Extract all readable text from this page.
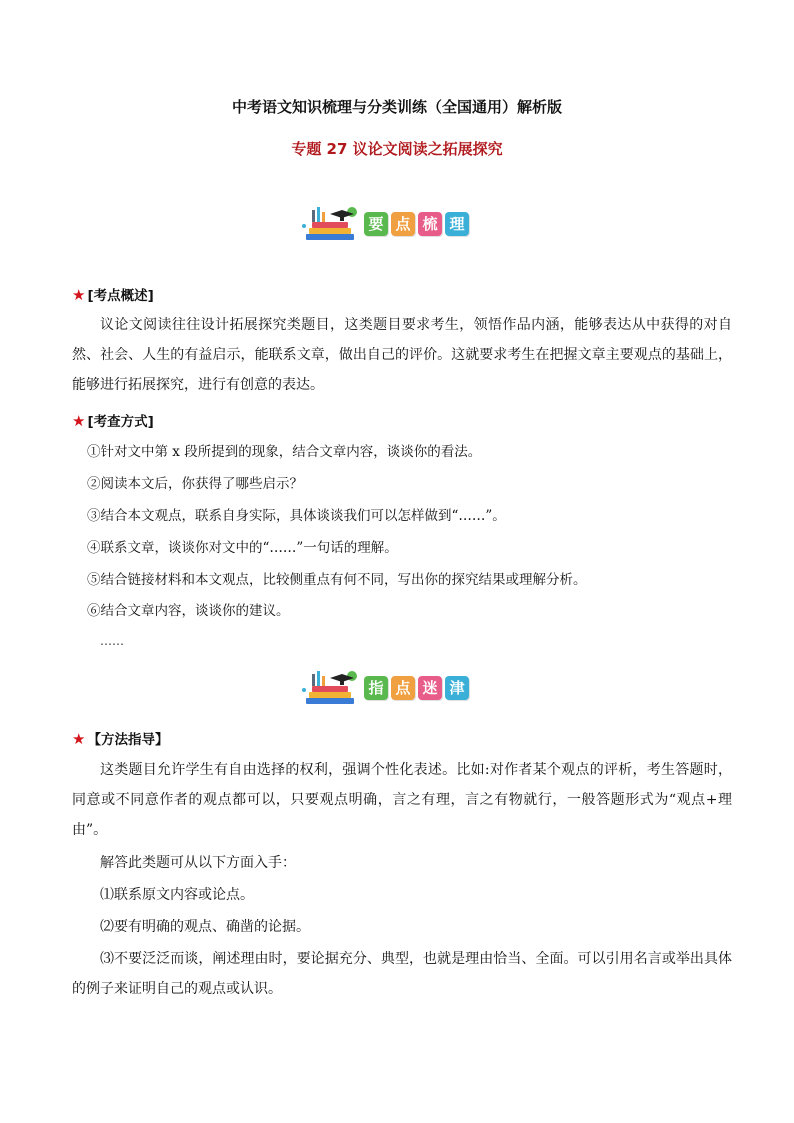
中考语文知识梳理与分类训练（全国通用）解析版
专题 27 议论文阅读之拓展探究
要 点 梳 理
★ [考点概述]
议论文阅读往往设计拓展探究类题目，这类题目要求考生，领悟作品内涵，能够表达从中获得的对自然、社会、人生的有益启示，能联系文章，做出自己的评价。这就要求考生在把握文章主要观点的基础上，能够进行拓展探究，进行有创意的表达。
★ [考查方式]
①针对文中第 x 段所提到的现象，结合文章内容，谈谈你的看法。
②阅读本文后，你获得了哪些启示？
③结合本文观点，联系自身实际，具体谈谈我们可以怎样做到“……”。
④联系文章，谈谈你对文中的“……”一句话的理解。
⑤结合链接材料和本文观点，比较侧重点有何不同，写出你的探究结果或理解分析。
⑥结合文章内容，谈谈你的建议。
……
指 点 迷 津
★ 【方法指导】
这类题目允许学生有自由选择的权利，强调个性化表述。比如:对作者某个观点的评析，考生答题时，同意或不同意作者的观点都可以，只要观点明确，言之有理，言之有物就行，一般答题形式为“观点+理由”。
解答此类题可从以下方面入手：
⑴联系原文内容或论点。
⑵要有明确的观点、确凿的论据。
⑶不要泛泛而谈，阐述理由时，要论据充分、典型，也就是理由恰当、全面。可以引用名言或举出具体的例子来证明自己的观点或认识。
